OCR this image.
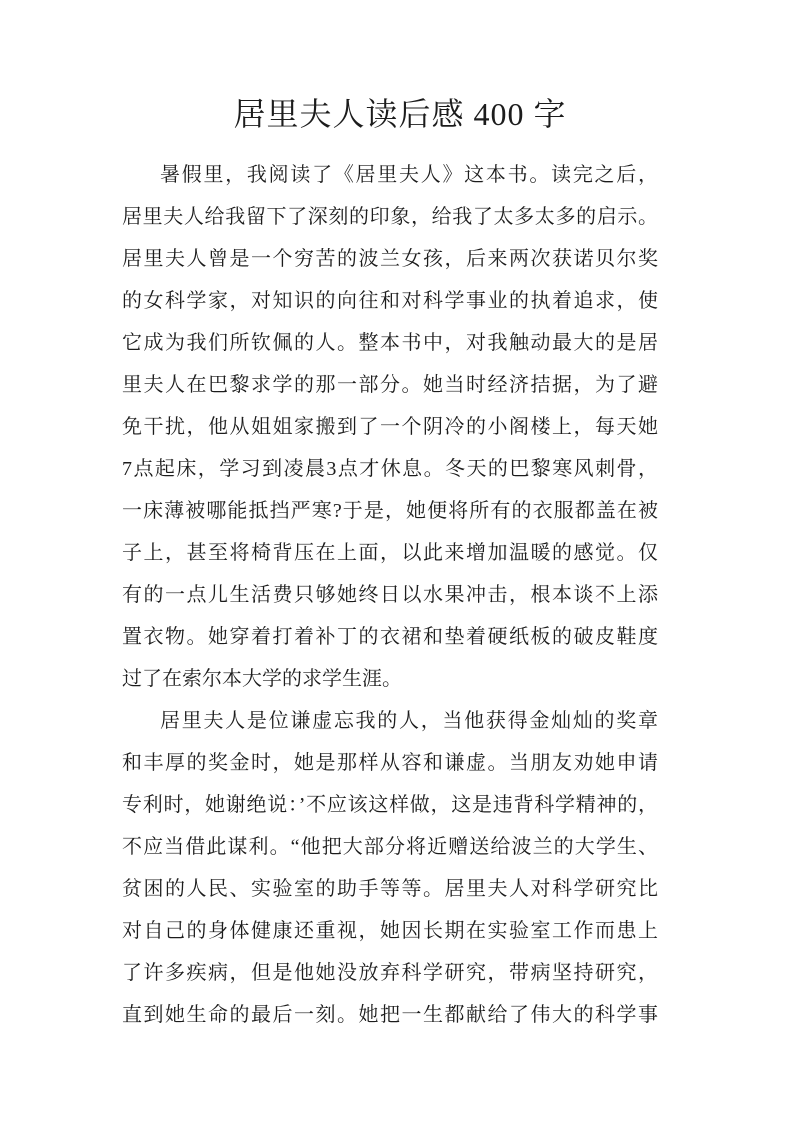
居里夫人读后感 400 字
暑假里，我阅读了《居里夫人》这本书。读完之后，
居里夫人给我留下了深刻的印象，给我了太多太多的启示。
居里夫人曾是一个穷苦的波兰女孩，后来两次获诺贝尔奖
的女科学家，对知识的向往和对科学事业的执着追求，使
它成为我们所钦佩的人。整本书中，对我触动最大的是居
里夫人在巴黎求学的那一部分。她当时经济拮据，为了避
免干扰，他从姐姐家搬到了一个阴冷的小阁楼上，每天她
7点起床，学习到凌晨3点才休息。冬天的巴黎寒风刺骨，
一床薄被哪能抵挡严寒?于是，她便将所有的衣服都盖在被
子上，甚至将椅背压在上面，以此来增加温暖的感觉。仅
有的一点儿生活费只够她终日以水果冲击，根本谈不上添
置衣物。她穿着打着补丁的衣裙和垫着硬纸板的破皮鞋度
过了在索尔本大学的求学生涯。
居里夫人是位谦虚忘我的人，当他获得金灿灿的奖章
和丰厚的奖金时，她是那样从容和谦虚。当朋友劝她申请
专利时，她谢绝说：’不应该这样做，这是违背科学精神的，
不应当借此谋利。“他把大部分将近赠送给波兰的大学生、
贫困的人民、实验室的助手等等。居里夫人对科学研究比
对自己的身体健康还重视，她因长期在实验室工作而患上
了许多疾病，但是他她没放弃科学研究，带病坚持研究，
直到她生命的最后一刻。她把一生都献给了伟大的科学事
